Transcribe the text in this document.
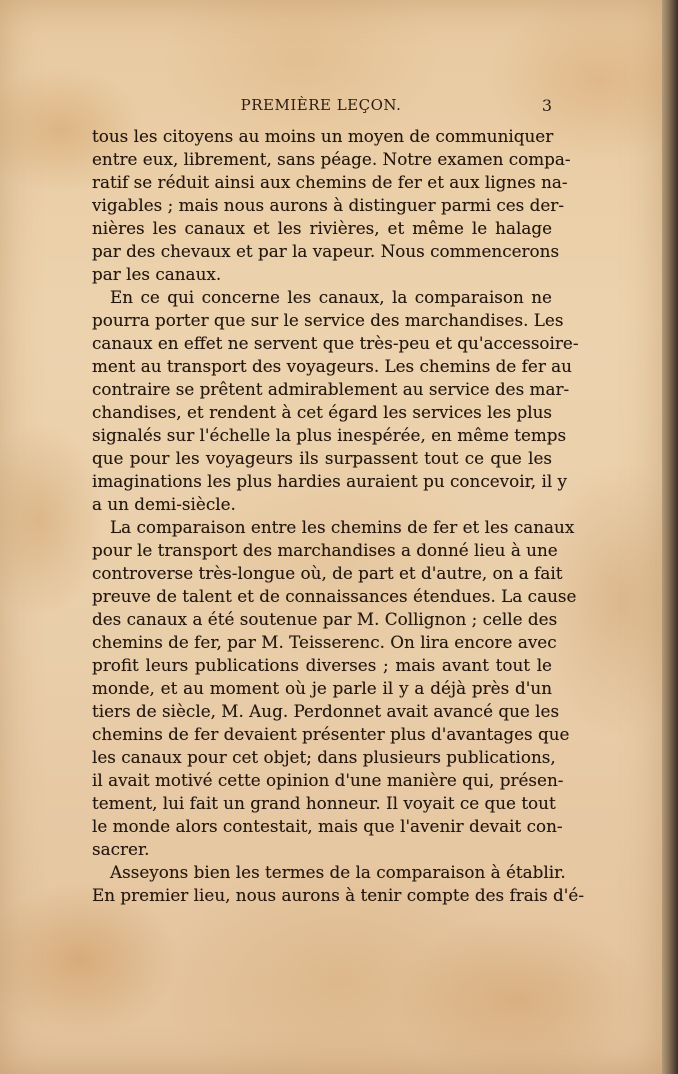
PREMIÈRE LEÇON.	3
tous les citoyens au moins un moyen de communiquer
entre eux, librement, sans péage. Notre examen compa-
ratif se réduit ainsi aux chemins de fer et aux lignes na-
vigables ; mais nous aurons à distinguer parmi ces der-
nières les canaux et les rivières, et même le halage
par des chevaux et par la vapeur. Nous commencerons
par les canaux.
En ce qui concerne les canaux, la comparaison ne
pourra porter que sur le service des marchandises. Les
canaux en effet ne servent que très-peu et qu'accessoire-
ment au transport des voyageurs. Les chemins de fer au
contraire se prêtent admirablement au service des mar-
chandises, et rendent à cet égard les services les plus
signalés sur l'échelle la plus inespérée, en même temps
que pour les voyageurs ils surpassent tout ce que les
imaginations les plus hardies auraient pu concevoir, il y
a un demi-siècle.
La comparaison entre les chemins de fer et les canaux
pour le transport des marchandises a donné lieu à une
controverse très-longue où, de part et d'autre, on a fait
preuve de talent et de connaissances étendues. La cause
des canaux a été soutenue par M. Collignon ; celle des
chemins de fer, par M. Teisserenc. On lira encore avec
profit leurs publications diverses ; mais avant tout le
monde, et au moment où je parle il y a déjà près d'un
tiers de siècle, M. Aug. Perdonnet avait avancé que les
chemins de fer devaient présenter plus d'avantages que
les canaux pour cet objet; dans plusieurs publications,
il avait motivé cette opinion d'une manière qui, présen-
tement, lui fait un grand honneur. Il voyait ce que tout
le monde alors contestait, mais que l'avenir devait con-
sacrer.
Asseyons bien les termes de la comparaison à établir.
En premier lieu, nous aurons à tenir compte des frais d'é-
